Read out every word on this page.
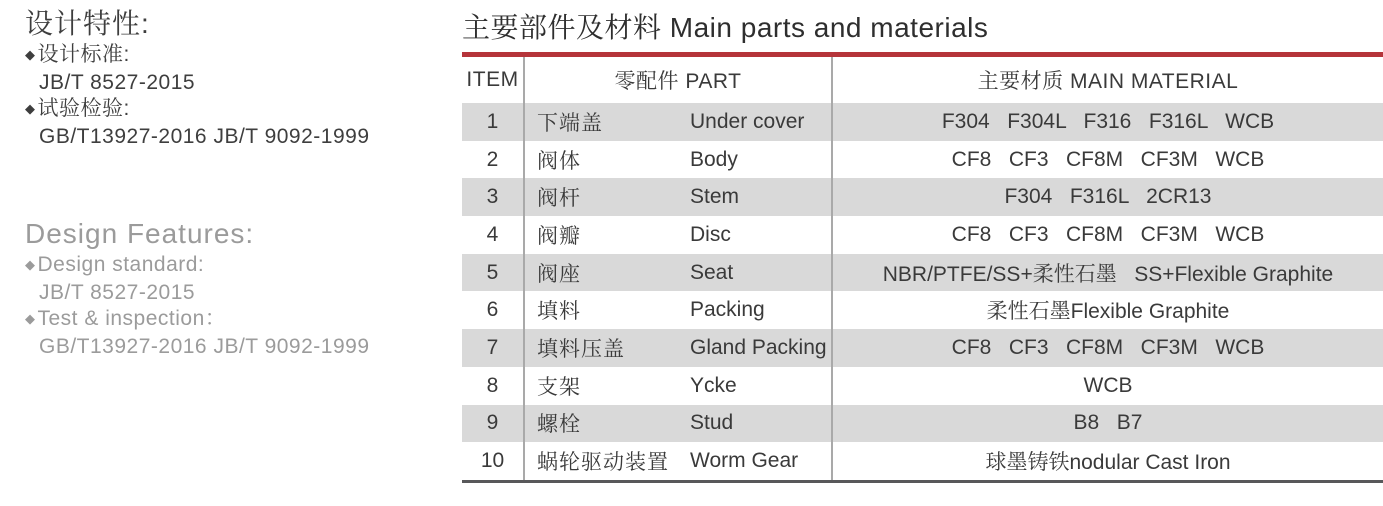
设计特性:
◆设计标准:
JB/T 8527-2015
◆试验检验:
GB/T13927-2016 JB/T 9092-1999
Design Features:
◆Design standard:
JB/T 8527-2015
◆Test & inspection：
GB/T13927-2016 JB/T 9092-1999
主要部件及材料 Main parts and materials
ITEM	零配件 PART	主要材质 MAIN MATERIAL
1	下端盖	Under cover	F304   F304L   F316   F316L   WCB
2	阀体	Body	CF8   CF3   CF8M   CF3M   WCB
3	阀杆	Stem	F304   F316L   2CR13
4	阀瓣	Disc	CF8   CF3   CF8M   CF3M   WCB
5	阀座	Seat	NBR/PTFE/SS+柔性石墨   SS+Flexible Graphite
6	填料	Packing	柔性石墨Flexible Graphite
7	填料压盖	Gland Packing	CF8   CF3   CF8M   CF3M   WCB
8	支架	Ycke	WCB
9	螺栓	Stud	B8   B7
10	蜗轮驱动装置	Worm Gear	球墨铸铁nodular Cast Iron
